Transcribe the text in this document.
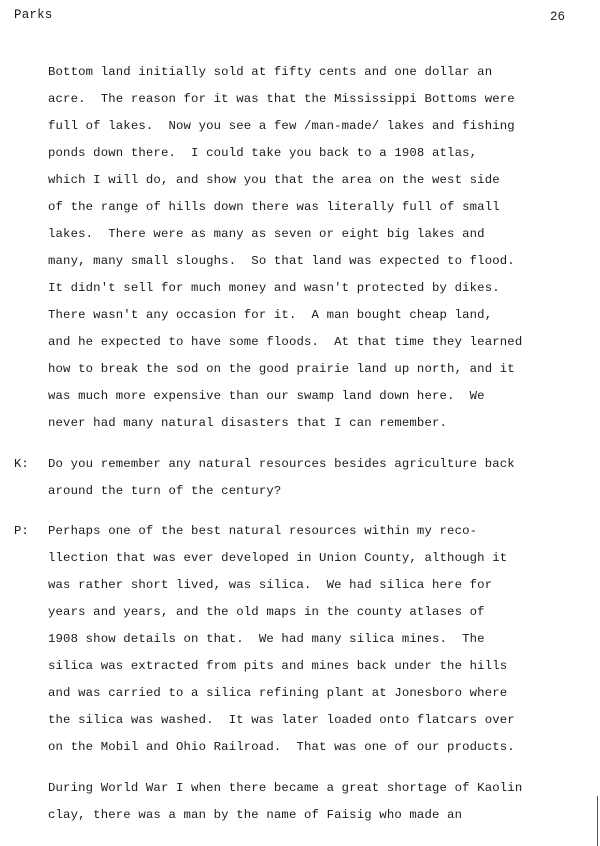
Parks	26
Bottom land initially sold at fifty cents and one dollar an
acre.  The reason for it was that the Mississippi Bottoms were
full of lakes.  Now you see a few /man-made/ lakes and fishing
ponds down there.  I could take you back to a 1908 atlas,
which I will do, and show you that the area on the west side
of the range of hills down there was literally full of small
lakes.  There were as many as seven or eight big lakes and
many, many small sloughs.  So that land was expected to flood.
It didn't sell for much money and wasn't protected by dikes.
There wasn't any occasion for it.  A man bought cheap land,
and he expected to have some floods.  At that time they learned
how to break the sod on the good prairie land up north, and it
was much more expensive than our swamp land down here.  We
never had many natural disasters that I can remember.
K: Do you remember any natural resources besides agriculture back
around the turn of the century?
P: Perhaps one of the best natural resources within my reco-
llection that was ever developed in Union County, although it
was rather short lived, was silica.  We had silica here for
years and years, and the old maps in the county atlases of
1908 show details on that.  We had many silica mines.  The
silica was extracted from pits and mines back under the hills
and was carried to a silica refining plant at Jonesboro where
the silica was washed.  It was later loaded onto flatcars over
on the Mobil and Ohio Railroad.  That was one of our products.
During World War I when there became a great shortage of Kaolin
clay, there was a man by the name of Faisig who made an
